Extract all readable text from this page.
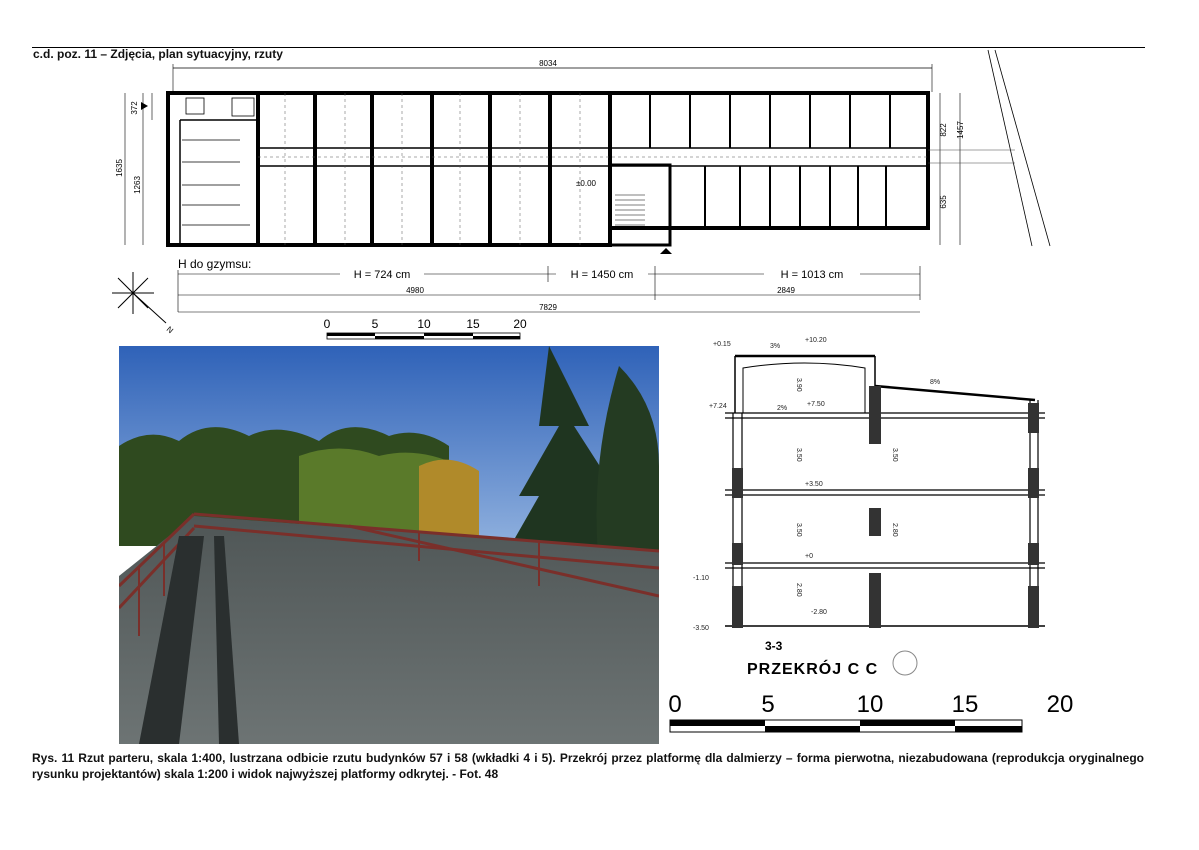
c.d. poz. 11 – Zdjęcia, plan sytuacyjny, rzuty
8034
±0.00
372
1635
1263
822 1457
635
N
H do gzymsu:
H = 724 cm	H = 1450 cm	H = 1013 cm
4980	2849
7829
0	5	10	15	20
+0.15
+10.20
+7.24	+7.50
8%
3%
2%
3.90
3.50
3.50
3.50
2.80
2.80
+3.50
+0
-1.10
-2.80
-3.50
3-3
PRZEKRÓJ C C
0	5	10	15	20
Rys. 11 Rzut parteru, skala 1:400, lustrzana odbicie rzutu budynków 57 i 58 (wkładki 4 i 5). Przekrój przez platformę dla dalmierzy – forma pierwotna, niezabudowana (reprodukcja oryginalnego rysunku projektantów) skala 1:200 i widok najwyższej platformy odkrytej. - Fot. 48
